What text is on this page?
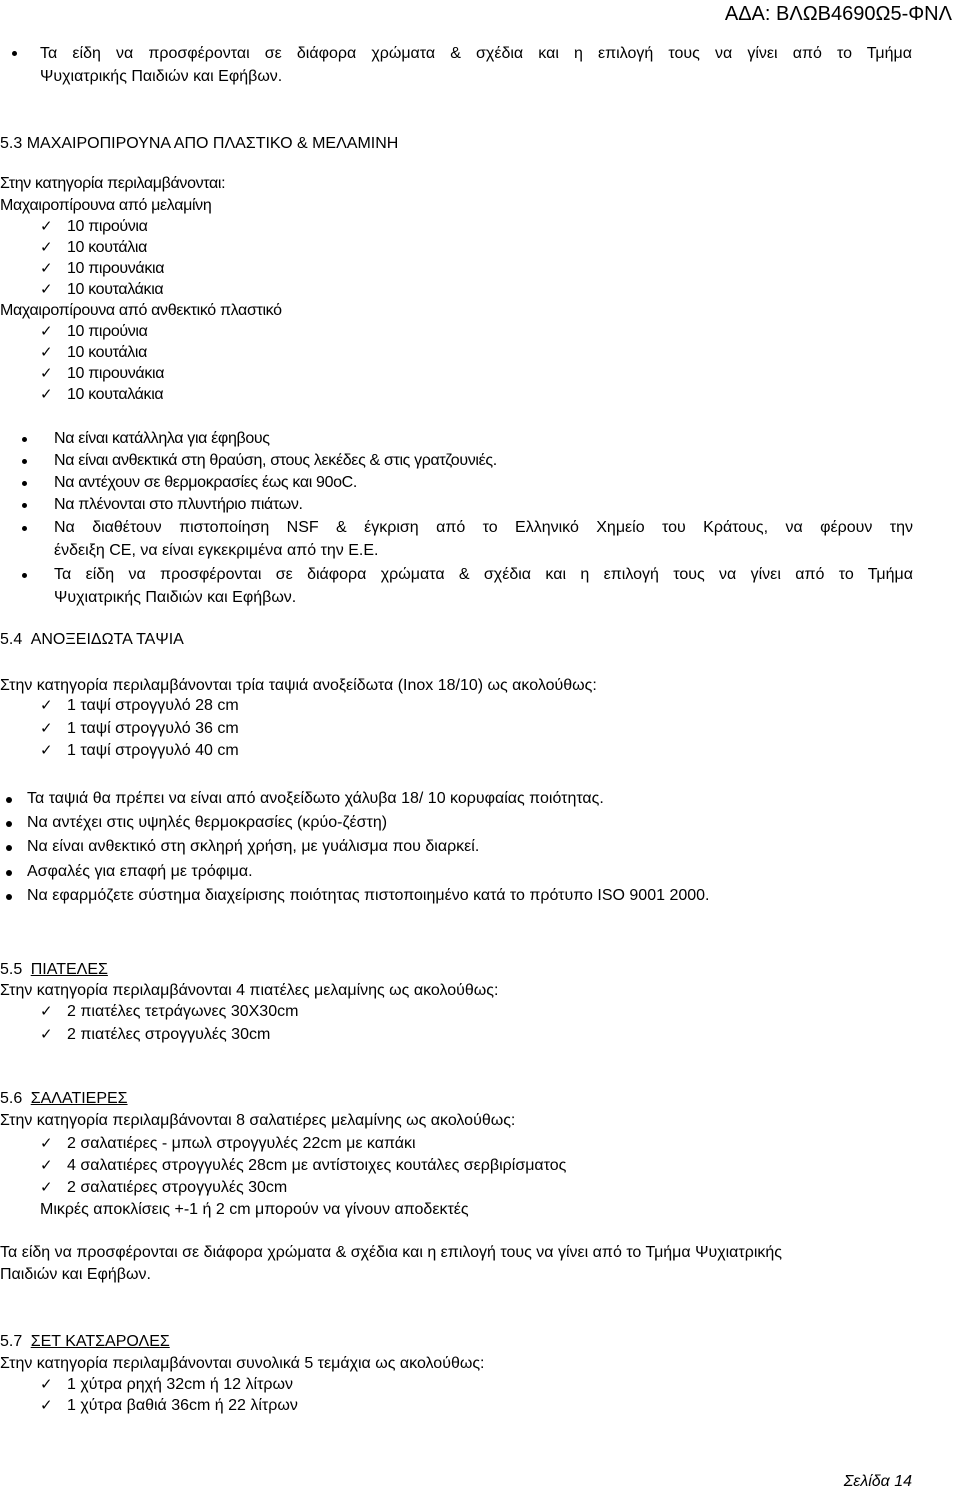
ΑΔΑ: ΒΛΩΒ4690Ω5-ΦΝΛ
Τα είδη να προσφέρονται σε διάφορα χρώματα & σχέδια και η επιλογή τους να γίνει από το Τμήμα
Ψυχιατρικής Παιδιών και Εφήβων.
5.3 ΜΑΧΑΙΡΟΠΙΡΟΥΝΑ ΑΠΟ ΠΛΑΣΤΙΚΟ & ΜΕΛΑΜΙΝΗ
Στην κατηγορία περιλαμβάνονται:
Μαχαιροπίρουνα από μελαμίνη
✓ 10 πιρούνια
✓ 10 κουτάλια
✓ 10 πιρουνάκια
✓ 10 κουταλάκια
Μαχαιροπίρουνα από ανθεκτικό πλαστικό
✓ 10 πιρούνια
✓ 10 κουτάλια
✓ 10 πιρουνάκια
✓ 10 κουταλάκια
Να είναι κατάλληλα για έφηβους
Να είναι ανθεκτικά στη θραύση, στους λεκέδες & στις γρατζουνιές.
Να αντέχουν σε θερμοκρασίες έως και 90οC.
Να πλένονται στο πλυντήριο πιάτων.
Να διαθέτουν πιστοποίηση NSF & έγκριση από το Ελληνικό Χημείο του Κράτους, να φέρουν την
ένδειξη CE, να είναι εγκεκριμένα από την Ε.Ε.
Τα είδη να προσφέρονται σε διάφορα χρώματα & σχέδια και η επιλογή τους να γίνει από το Τμήμα
Ψυχιατρικής Παιδιών και Εφήβων.
5.4 ΑΝΟΞΕΙΔΩΤΑ ΤΑΨΙΑ
Στην κατηγορία περιλαμβάνονται τρία ταψιά ανοξείδωτα (Inox 18/10) ως ακολούθως:
✓ 1 ταψί στρογγυλό 28 cm
✓ 1 ταψί στρογγυλό 36 cm
✓ 1 ταψί στρογγυλό 40 cm
Τα ταψιά θα πρέπει να είναι από ανοξείδωτο χάλυβα 18/ 10 κορυφαίας ποιότητας.
Να αντέχει στις υψηλές θερμοκρασίες (κρύο-ζέστη)
Να είναι ανθεκτικό στη σκληρή χρήση, με γυάλισμα που διαρκεί.
Ασφαλές για επαφή με τρόφιμα.
Να εφαρμόζετε σύστημα διαχείρισης ποιότητας πιστοποιημένο κατά το πρότυπο ISO 9001 2000.
5.5 ΠΙΑΤΕΛΕΣ
Στην κατηγορία περιλαμβάνονται 4 πιατέλες μελαμίνης ως ακολούθως:
✓ 2 πιατέλες τετράγωνες 30X30cm
✓ 2 πιατέλες στρογγυλές 30cm
5.6 ΣΑΛΑΤΙΕΡΕΣ
Στην κατηγορία περιλαμβάνονται 8 σαλατιέρες μελαμίνης ως ακολούθως:
✓ 2 σαλατιέρες - μπωλ στρογγυλές 22cm με καπάκι
✓ 4 σαλατιέρες στρογγυλές 28cm με αντίστοιχες κουτάλες σερβιρίσματος
✓ 2 σαλατιέρες στρογγυλές 30cm
Μικρές αποκλίσεις +-1 ή 2 cm μπορούν να γίνουν αποδεκτές
Τα είδη να προσφέρονται σε διάφορα χρώματα & σχέδια και η επιλογή τους να γίνει από το Τμήμα Ψυχιατρικής
Παιδιών και Εφήβων.
5.7 ΣΕΤ ΚΑΤΣΑΡΟΛΕΣ
Στην κατηγορία περιλαμβάνονται συνολικά 5 τεμάχια ως ακολούθως:
✓ 1 χύτρα ρηχή 32cm ή 12 λίτρων
✓ 1 χύτρα βαθιά 36cm ή 22 λίτρων
Σελίδα 14
